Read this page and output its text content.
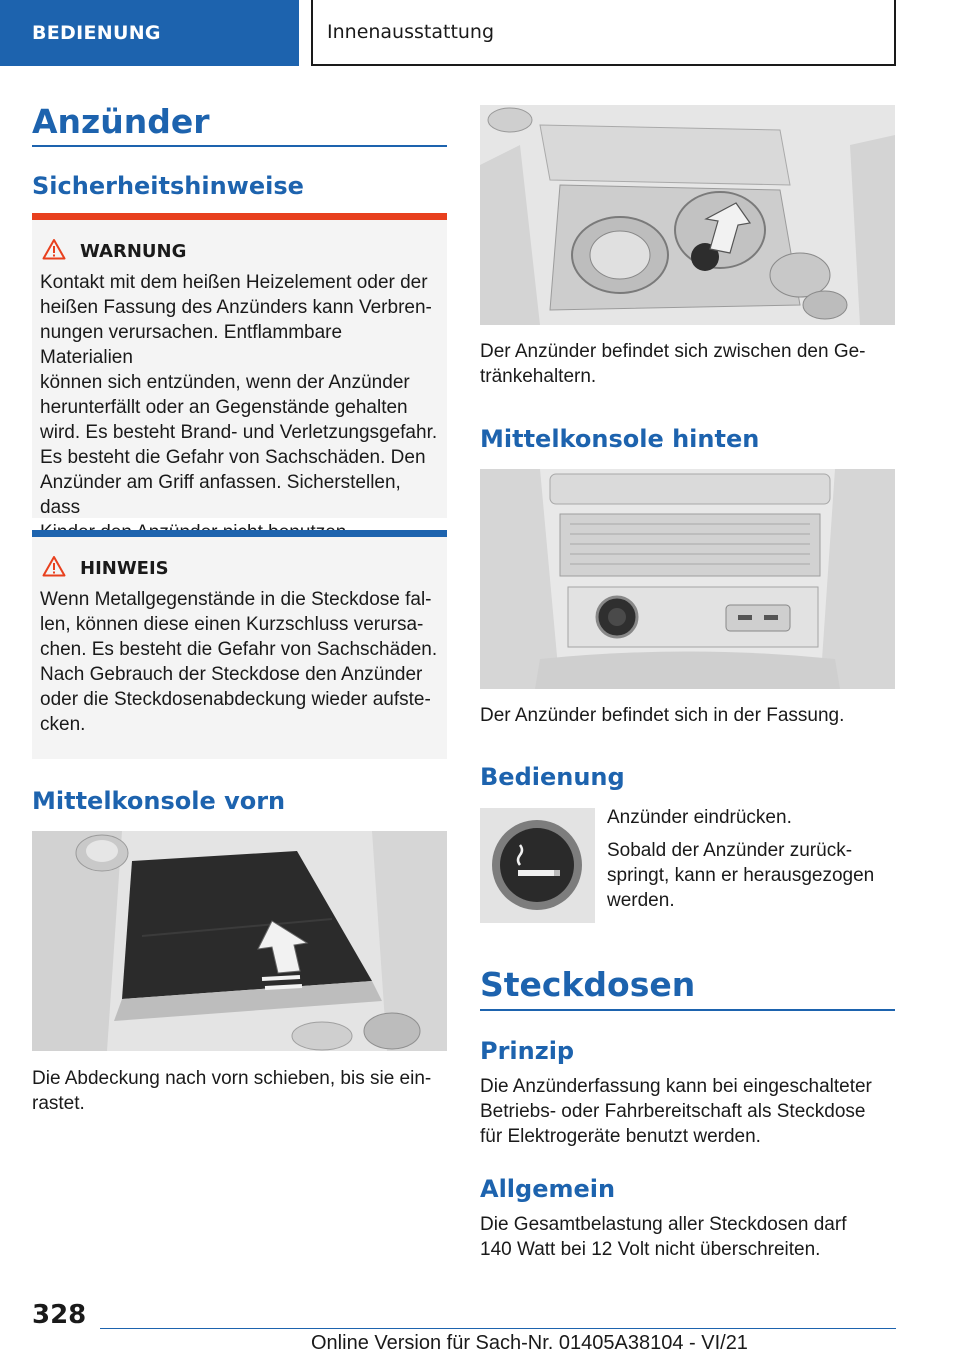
BEDIENUNG	Innenausstattung
Anzünder
Sicherheitshinweise
WARNUNG
Kontakt mit dem heißen Heizelement oder der
heißen Fassung des Anzünders kann Verbren-
nungen verursachen. Entflammbare Materialien
können sich entzünden, wenn der Anzünder
herunterfällt oder an Gegenstände gehalten
wird. Es besteht Brand- und Verletzungsgefahr.
Es besteht die Gefahr von Sachschäden. Den
Anzünder am Griff anfassen. Sicherstellen, dass
HINWEIS
Wenn Metallgegenstände in die Steckdose fal-
len, können diese einen Kurzschluss verursa-
chen. Es besteht die Gefahr von Sachschäden.
Nach Gebrauch der Steckdose den Anzünder
oder die Steckdosenabdeckung wieder aufste-
cken.
Mittelkonsole vorn
Die Abdeckung nach vorn schieben, bis sie ein-
rastet.
Der Anzünder befindet sich zwischen den Ge-
tränkehaltern.
Mittelkonsole hinten
Der Anzünder befindet sich in der Fassung.
Bedienung
Anzünder eindrücken.
Sobald der Anzünder zurück-
springt, kann er herausgezogen
werden.
Steckdosen
Prinzip
Die Anzünderfassung kann bei eingeschalteter
Betriebs- oder Fahrbereitschaft als Steckdose
für Elektrogeräte benutzt werden.
Allgemein
Die Gesamtbelastung aller Steckdosen darf
140 Watt bei 12 Volt nicht überschreiten.
328
Online Version für Sach-Nr. 01405A38104 - VI/21
